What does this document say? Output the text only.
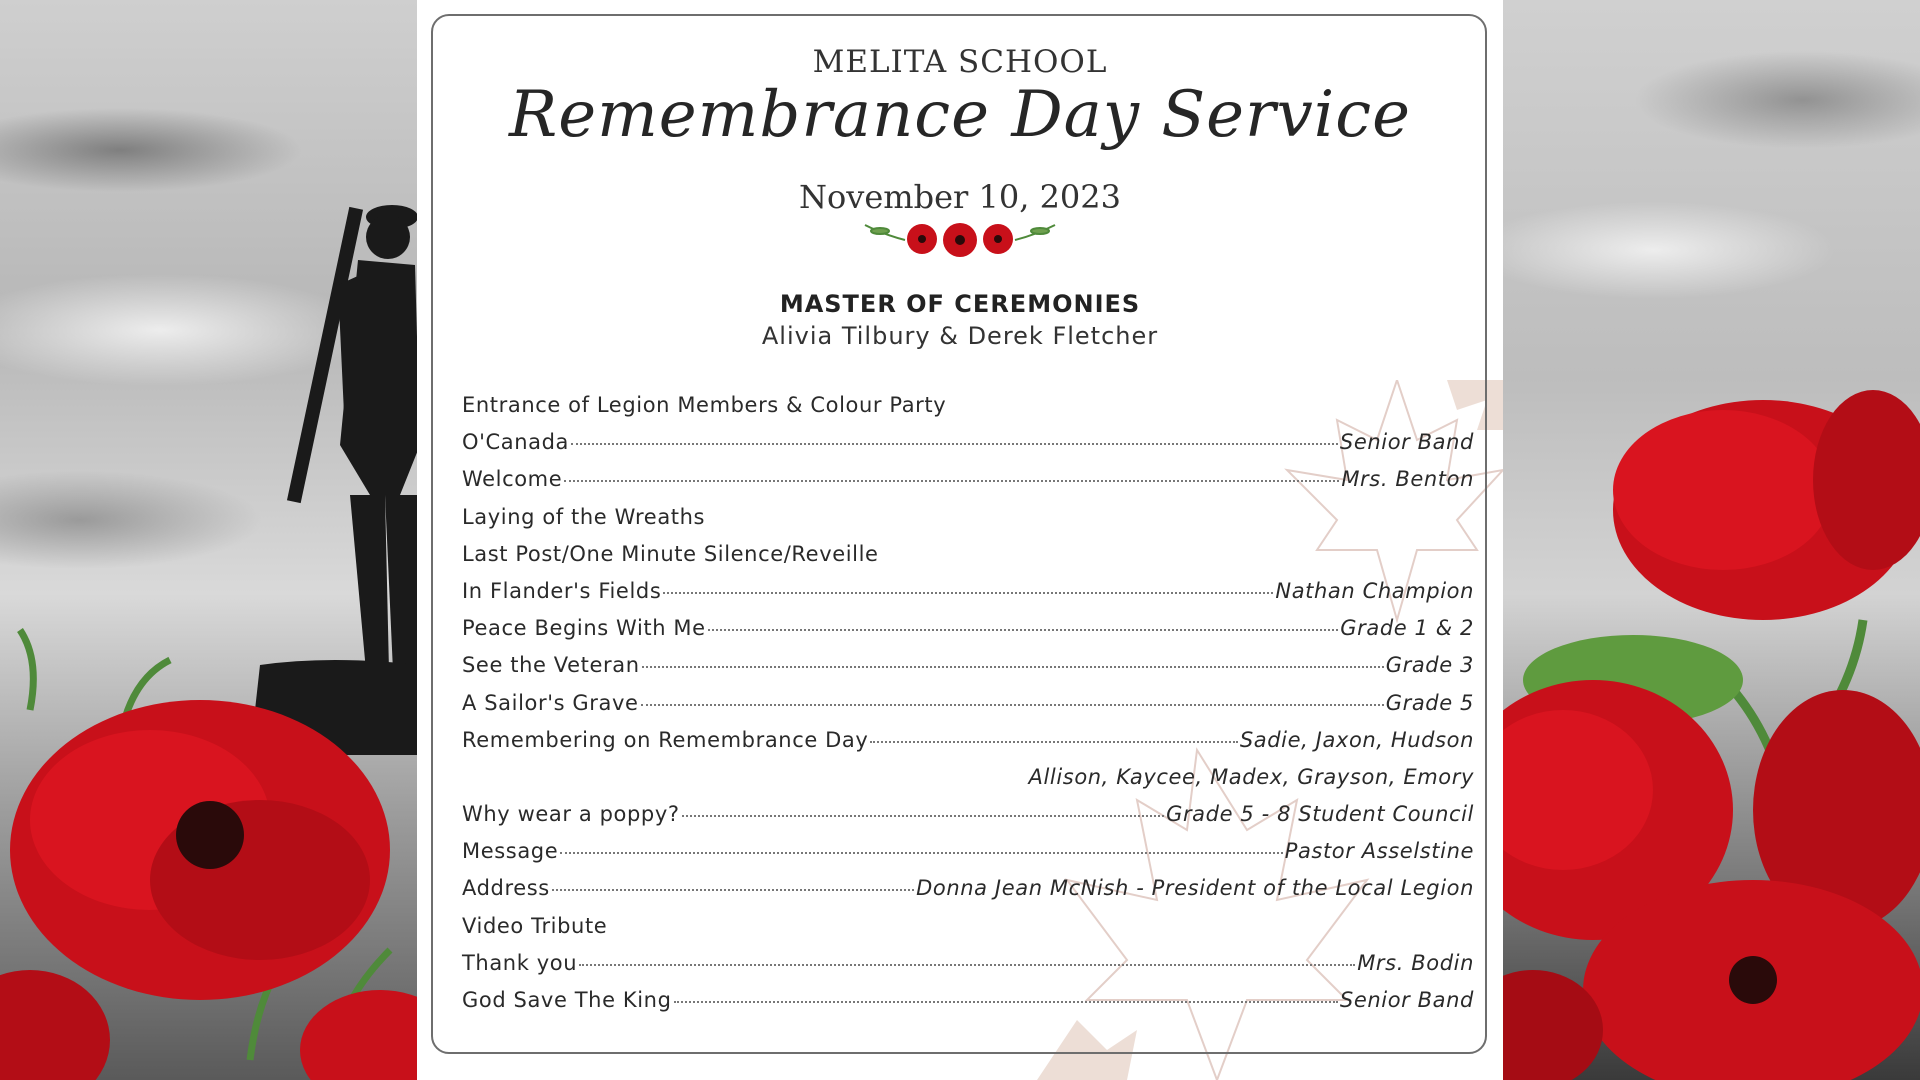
MELITA SCHOOL
Remembrance Day Service
November 10, 2023
MASTER OF CEREMONIES
Alivia Tilbury & Derek Fletcher
Entrance of Legion Members & Colour Party
O'Canada	Senior Band
Welcome	Mrs. Benton
Laying of the Wreaths
Last Post/One Minute Silence/Reveille
In Flander's Fields	Nathan Champion
Peace Begins With Me	Grade 1 & 2
See the Veteran	Grade 3
A Sailor's Grave	Grade 5
Remembering on Remembrance Day	Sadie, Jaxon, Hudson
Allison, Kaycee, Madex, Grayson, Emory
Why wear a poppy?	Grade 5 - 8 Student Council
Message	Pastor Asselstine
Address	Donna Jean McNish - President of the Local Legion
Video Tribute
Thank you	Mrs. Bodin
God Save The King	Senior Band
